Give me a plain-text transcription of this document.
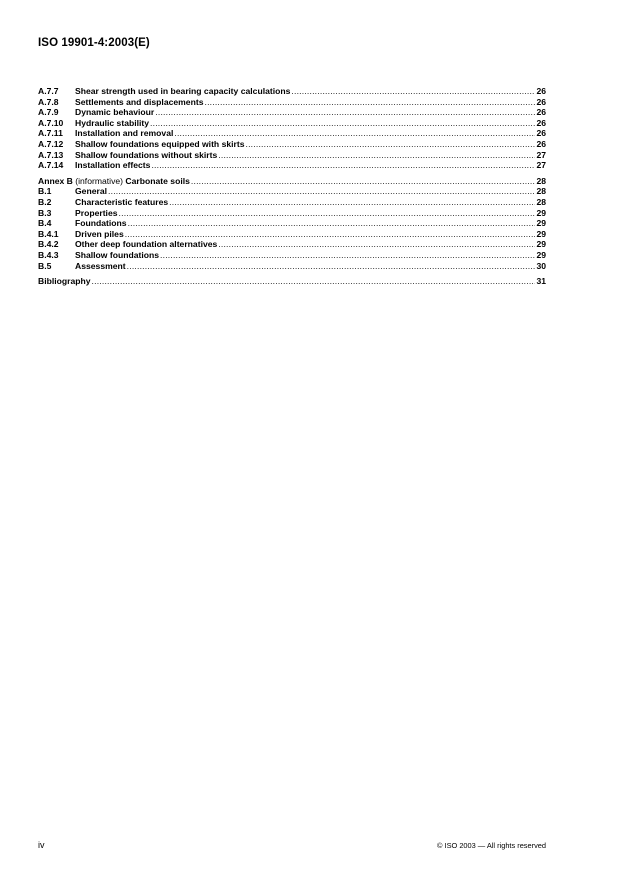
ISO 19901-4:2003(E)
A.7.7	Shear strength used in bearing capacity calculations .....	26
A.7.8	Settlements and displacements .....	26
A.7.9	Dynamic behaviour .....	26
A.7.10	Hydraulic stability .....	26
A.7.11	Installation and removal .....	26
A.7.12	Shallow foundations equipped with skirts .....	26
A.7.13	Shallow foundations without skirts .....	27
A.7.14	Installation effects .....	27
Annex B (informative) Carbonate soils .....	28
B.1	General .....	28
B.2	Characteristic features .....	28
B.3	Properties .....	29
B.4	Foundations .....	29
B.4.1	Driven piles .....	29
B.4.2	Other deep foundation alternatives .....	29
B.4.3	Shallow foundations .....	29
B.5	Assessment .....	30
Bibliography .....	31
iv	© ISO 2003 — All rights reserved
